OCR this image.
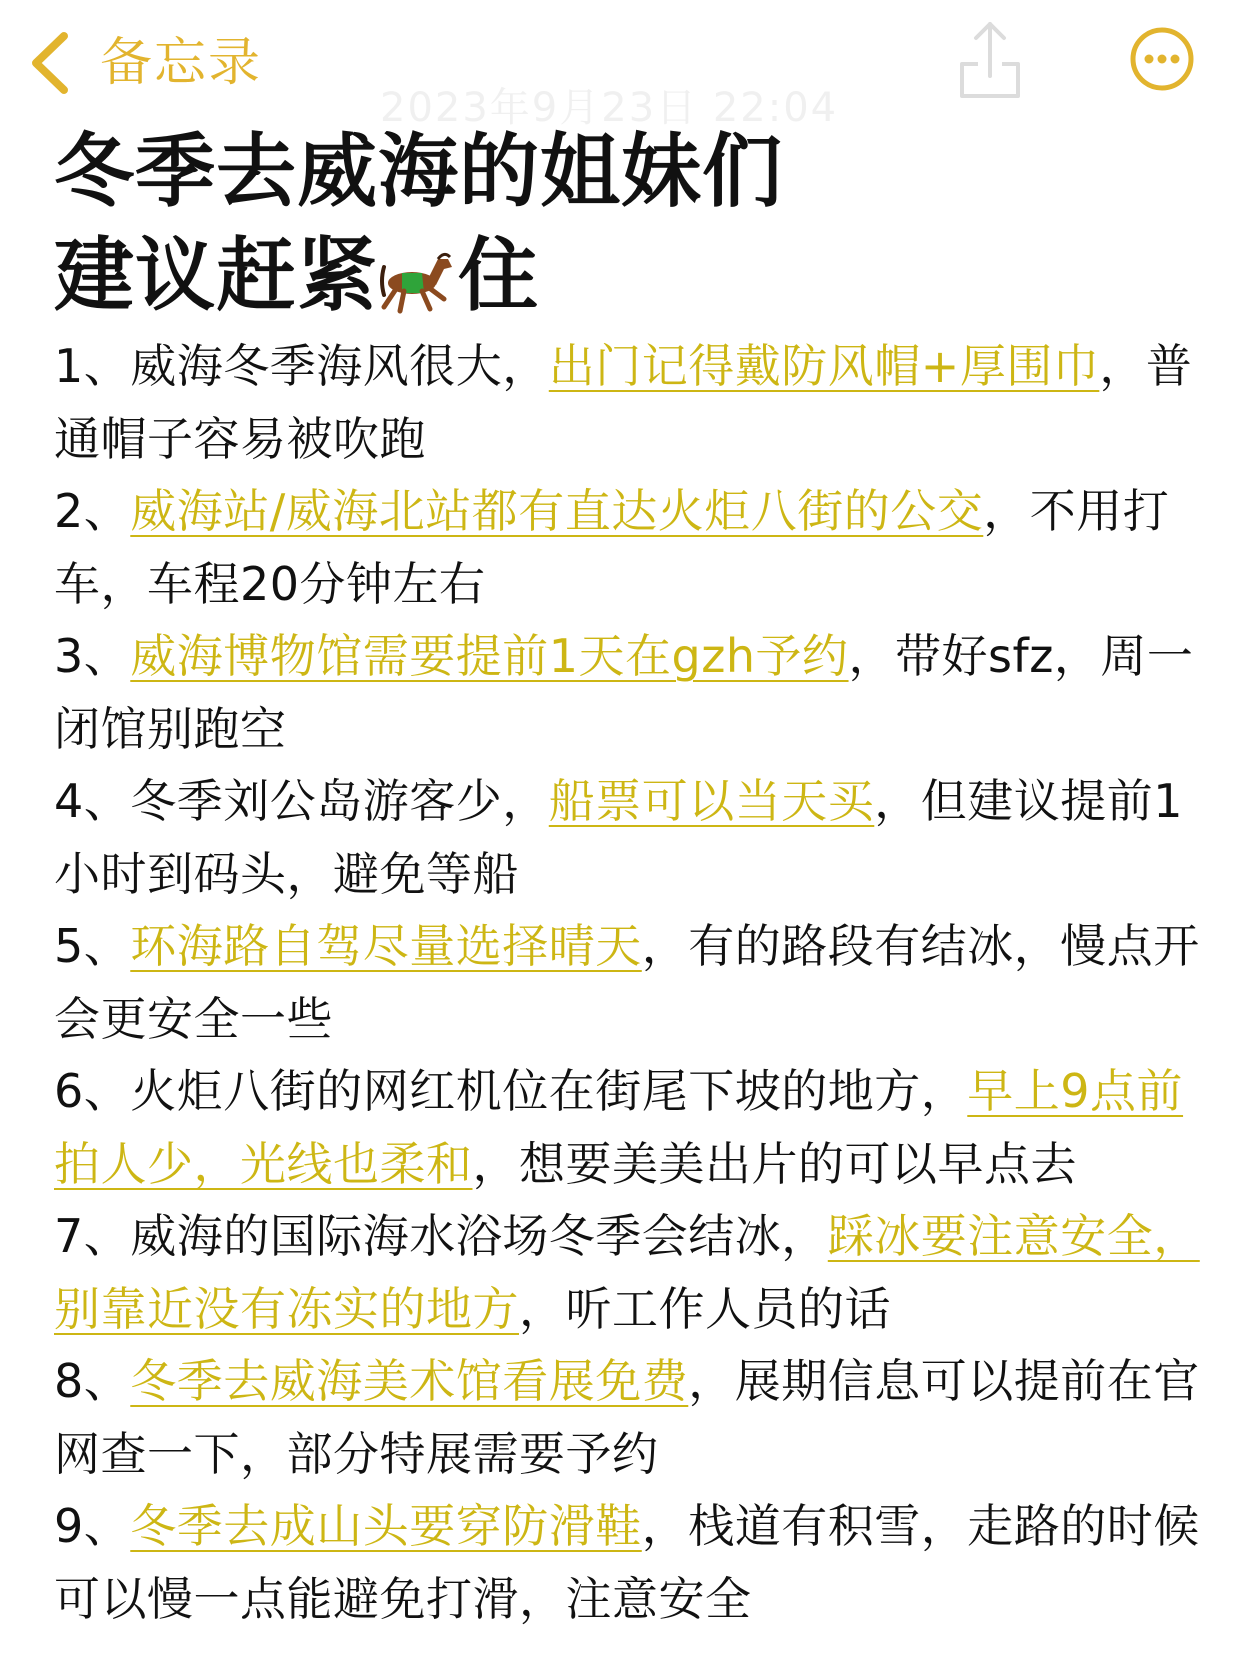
备忘录
2023年9月23日 22:04
冬季去威海的姐妹们
建议赶紧 住

1、威海冬季海风很大，出门记得戴防风帽+厚围巾，普通帽子容易被吹跑

2、威海站/威海北站都有直达火炬八街的公交，不用打车，车程20分钟左右

3、威海博物馆需要提前1天在gzh予约，带好sfz，周一闭馆别跑空

4、冬季刘公岛游客少，船票可以当天买，但建议提前1小时到码头，避免等船

5、环海路自驾尽量选择晴天，有的路段有结冰，慢点开会更安全一些

6、火炬八街的网红机位在街尾下坡的地方，早上9点前拍人少，光线也柔和，想要美美出片的可以早点去

7、威海的国际海水浴场冬季会结冰，踩冰要注意安全，别靠近没有冻实的地方，听工作人员的话

8、冬季去威海美术馆看展免费，展期信息可以提前在官网查一下，部分特展需要予约

9、冬季去成山头要穿防滑鞋，栈道有积雪，走路的时候可以慢一点能避免打滑，注意安全
